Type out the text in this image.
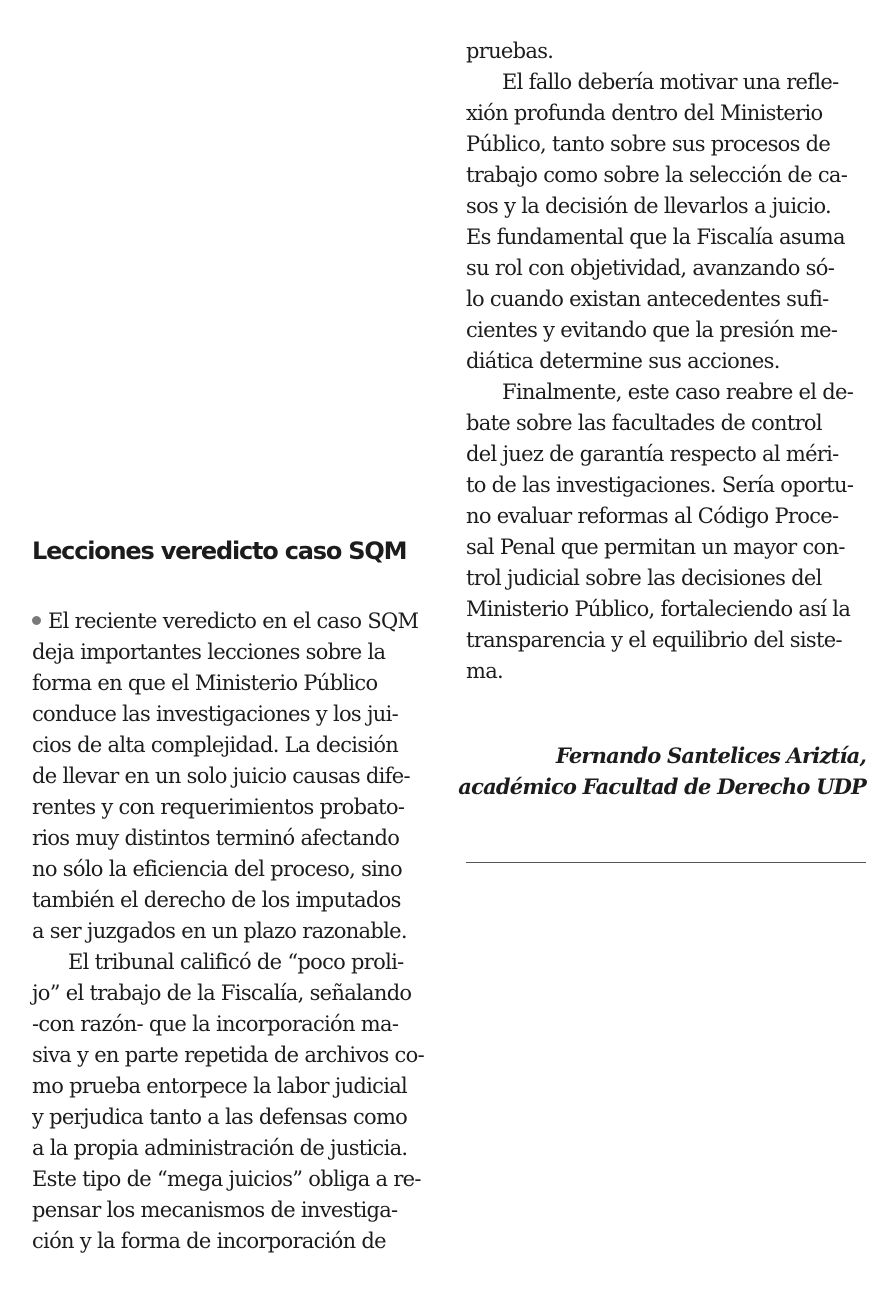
Lecciones veredicto caso SQM
El reciente veredicto en el caso SQM
deja importantes lecciones sobre la
forma en que el Ministerio Público
conduce las investigaciones y los jui-
cios de alta complejidad. La decisión
de llevar en un solo juicio causas dife-
rentes y con requerimientos probato-
rios muy distintos terminó afectando
no sólo la eficiencia del proceso, sino
también el derecho de los imputados
a ser juzgados en un plazo razonable.
El tribunal calificó de “poco proli-
jo” el trabajo de la Fiscalía, señalando
-con razón- que la incorporación ma-
siva y en parte repetida de archivos co-
mo prueba entorpece la labor judicial
y perjudica tanto a las defensas como
a la propia administración de justicia.
Este tipo de “mega juicios” obliga a re-
pensar los mecanismos de investiga-
ción y la forma de incorporación de
pruebas.
El fallo debería motivar una refle-
xión profunda dentro del Ministerio
Público, tanto sobre sus procesos de
trabajo como sobre la selección de ca-
sos y la decisión de llevarlos a juicio.
Es fundamental que la Fiscalía asuma
su rol con objetividad, avanzando só-
lo cuando existan antecedentes sufi-
cientes y evitando que la presión me-
diática determine sus acciones.
Finalmente, este caso reabre el de-
bate sobre las facultades de control
del juez de garantía respecto al méri-
to de las investigaciones. Sería oportu-
no evaluar reformas al Código Proce-
sal Penal que permitan un mayor con-
trol judicial sobre las decisiones del
Ministerio Público, fortaleciendo así la
transparencia y el equilibrio del siste-
ma.
Fernando Santelices Ariztía,
académico Facultad de Derecho UDP
